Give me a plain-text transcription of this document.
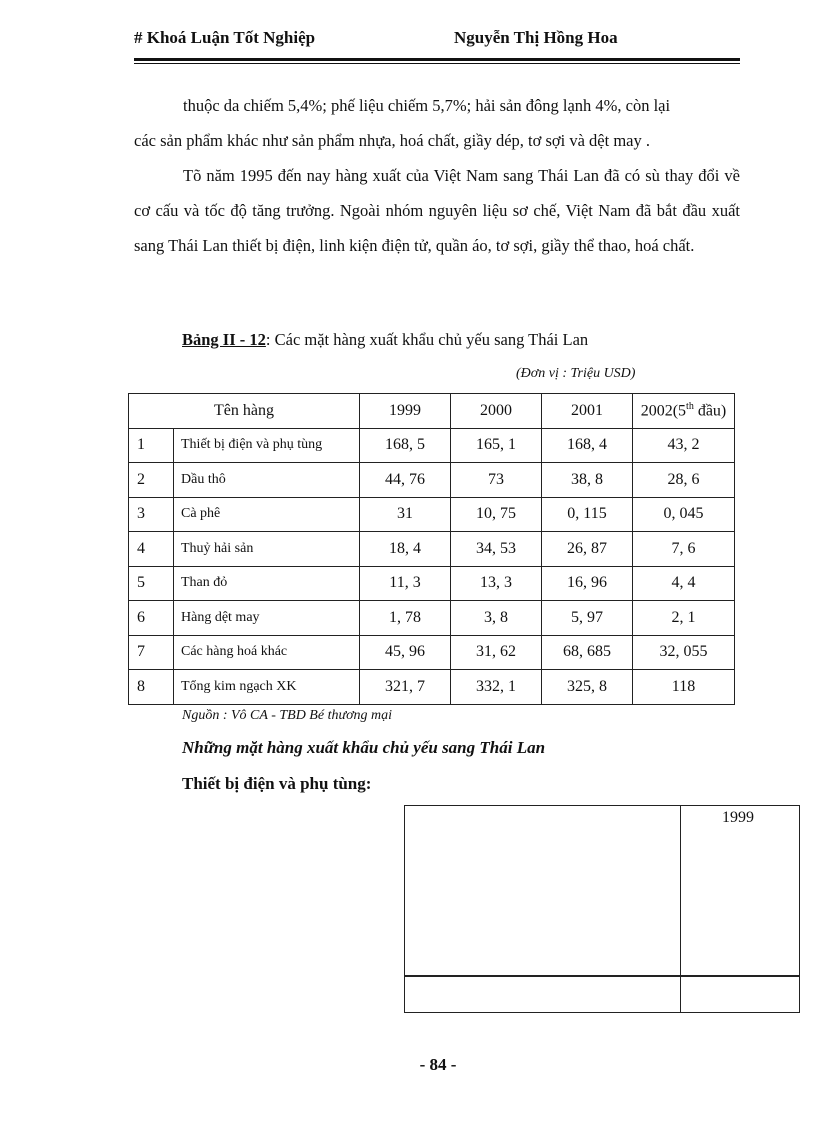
# Khoá Luận Tốt Nghiệp	Nguyễn Thị Hồng Hoa
thuộc da chiếm 5,4%; phế liệu chiếm 5,7%; hải sản đông lạnh 4%, còn lại
các sản phẩm khác như sản phẩm nhựa, hoá chất, giầy dép, tơ sợi và dệt may .

Tõ năm 1995 đến nay hàng xuất của Việt Nam sang Thái Lan đã có sù thay đổi về cơ cấu và tốc độ tăng trưởng. Ngoài nhóm nguyên liệu sơ chế, Việt Nam đã bắt đầu xuất sang Thái Lan thiết bị điện, linh kiện điện tử, quần áo, tơ sợi, giầy thể thao, hoá chất.

Bảng II - 12: Các mặt hàng xuất khẩu chủ yếu sang Thái Lan
(Đơn vị : Triệu USD)
Tên hàng		1999	2000	2001	2002(5th đầu)
1	Thiết bị điện và phụ tùng	168, 5	165, 1	168, 4	43, 2
2	Dầu thô	44, 76	73	38, 8	28, 6
3	Cà phê	31	10, 75	0, 115	0, 045
4	Thuỷ hải sản	18, 4	34, 53	26, 87	7, 6
5	Than đỏ	11, 3	13, 3	16, 96	4, 4
6	Hàng dệt may	1, 78	3, 8	5, 97	2, 1
7	Các hàng hoá khác	45, 96	31, 62	68, 685	32, 055
8	Tổng kim ngạch XK	321, 7	332, 1	325, 8	118
Nguồn : Vô CA - TBD Bé thương mại
Những mặt hàng xuất khẩu chủ yếu sang Thái Lan
Thiết bị điện và phụ tùng:
1999
- 84 -
